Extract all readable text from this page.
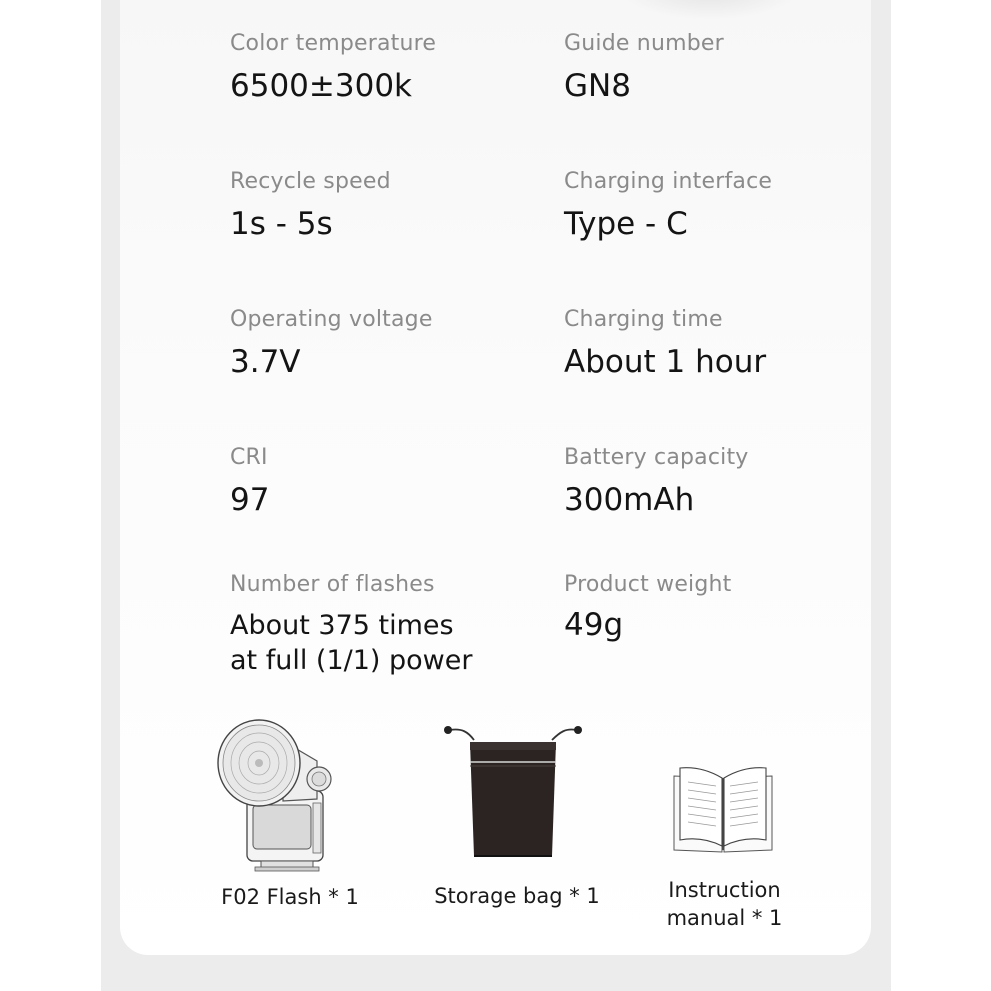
Color temperature
6500±300k
Guide number
GN8
Recycle speed
1s - 5s
Charging interface
Type - C
Operating voltage
3.7V
Charging time
About 1 hour
CRI
97
Battery capacity
300mAh
Number of flashes
About 375 times
at full (1/1) power
Product weight
49g
F02 Flash * 1	Storage bag * 1	Instruction
manual * 1
